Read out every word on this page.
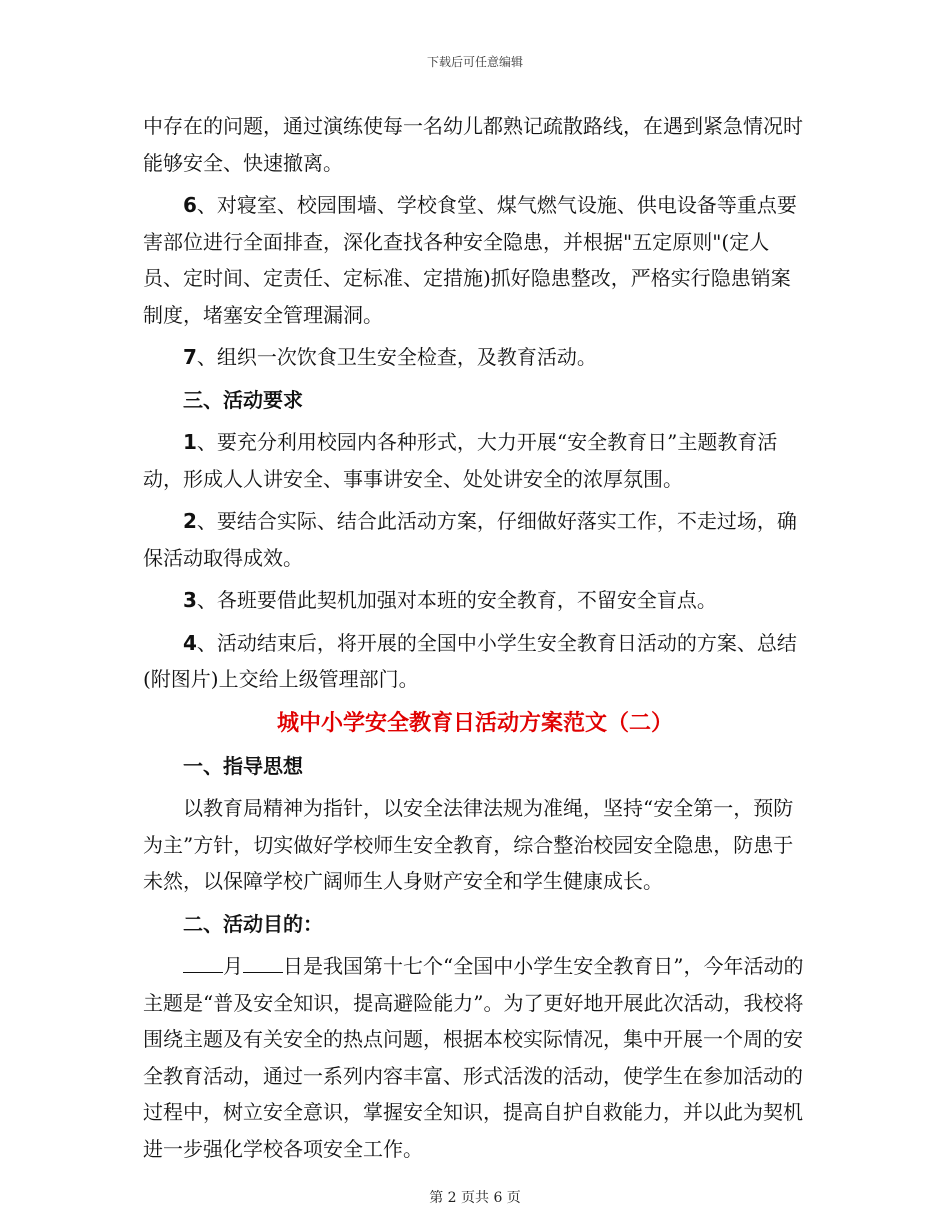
下载后可任意编辑

中存在的问题，通过演练使每一名幼儿都熟记疏散路线，在遇到紧急情况时能够安全、快速撤离。

6、对寝室、校园围墙、学校食堂、煤气燃气设施、供电设备等重点要害部位进行全面排查，深化查找各种安全隐患，并根据"五定原则"(定人员、定时间、定责任、定标准、定措施)抓好隐患整改，严格实行隐患销案制度，堵塞安全管理漏洞。

7、组织一次饮食卫生安全检查，及教育活动。

三、活动要求

1、要充分利用校园内各种形式，大力开展“安全教育日”主题教育活动，形成人人讲安全、事事讲安全、处处讲安全的浓厚氛围。

2、要结合实际、结合此活动方案，仔细做好落实工作，不走过场，确保活动取得成效。

3、各班要借此契机加强对本班的安全教育，不留安全盲点。

4、活动结束后，将开展的全国中小学生安全教育日活动的方案、总结(附图片)上交给上级管理部门。

城中小学安全教育日活动方案范文（二）

一、指导思想

以教育局精神为指针，以安全法律法规为准绳，坚持“安全第一，预防为主”方针，切实做好学校师生安全教育，综合整治校园安全隐患，防患于未然，以保障学校广阔师生人身财产安全和学生健康成长。

二、活动目的：

月 日是我国第十七个“全国中小学生安全教育日”，今年活动的主题是“普及安全知识，提高避险能力”。为了更好地开展此次活动，我校将围绕主题及有关安全的热点问题，根据本校实际情况，集中开展一个周的安全教育活动，通过一系列内容丰富、形式活泼的活动，使学生在参加活动的过程中，树立安全意识，掌握安全知识，提高自护自救能力，并以此为契机进一步强化学校各项安全工作。

第 2 页共 6 页
